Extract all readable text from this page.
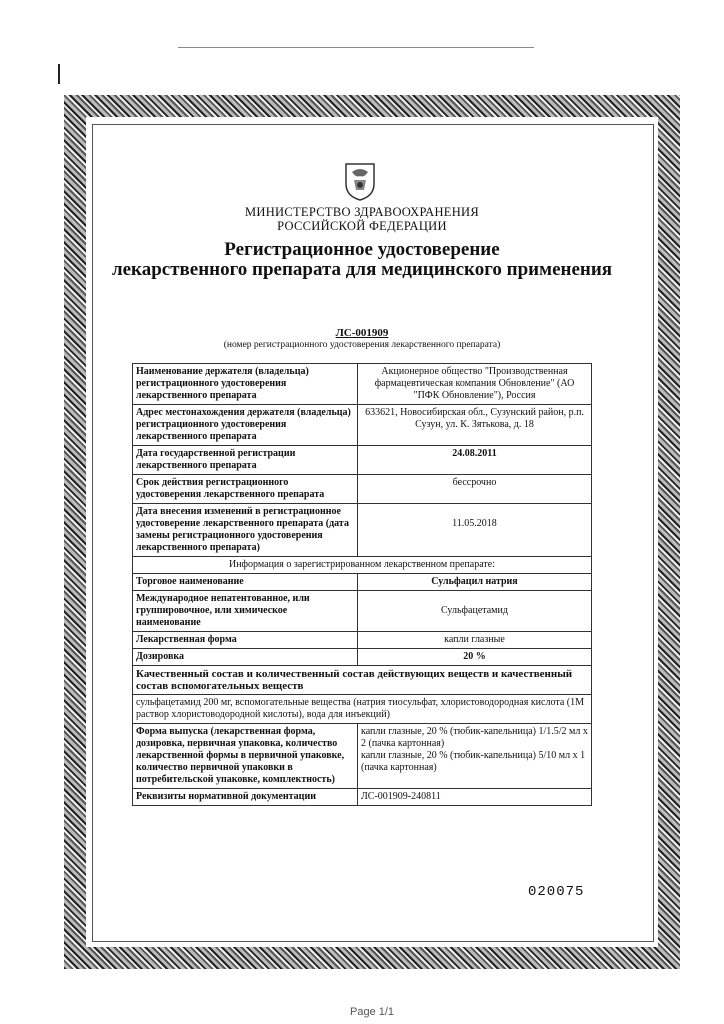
МИНИСТЕРСТВО ЗДРАВООХРАНЕНИЯ
РОССИЙСКОЙ ФЕДЕРАЦИИ
Регистрационное удостоверение
лекарственного препарата для медицинского применения
ЛС-001909
(номер регистрационного удостоверения лекарственного препарата)
Наименование держателя (владельца) регистрационного удостоверения лекарственного препарата	Акционерное общество "Производственная фармацевтическая компания Обновление" (АО "ПФК Обновление"), Россия
Адрес местонахождения держателя (владельца) регистрационного удостоверения лекарственного препарата	633621, Новосибирская обл., Сузунский район, р.п. Сузун, ул. К. Зятькова, д. 18
Дата государственной регистрации лекарственного препарата	24.08.2011
Срок действия регистрационного удостоверения лекарственного препарата	бессрочно
Дата внесения изменений в регистрационное удостоверение лекарственного препарата (дата замены регистрационного удостоверения лекарственного препарата)	11.05.2018
Информация о зарегистрированном лекарственном препарате:	
Торговое наименование	Сульфацил натрия
Международное непатентованное, или группировочное, или химическое наименование	Сульфацетамид
Лекарственная форма	капли глазные
Дозировка	20 %
Качественный состав и количественный состав действующих веществ и качественный состав вспомогательных веществ	
сульфацетамид 200 мг, вспомогательные вещества (натрия тиосульфат, хлористоводородная кислота (1М раствор хлористоводородной кислоты), вода для инъекций)	
Форма выпуска (лекарственная форма, дозировка, первичная упаковка, количество лекарственной формы в первичной упаковке, количество первичной упаковки в потребительской упаковке, комплектность)	капли глазные, 20 % (тюбик-капельница) 1/1.5/2 мл x 2 (пачка картонная)
капли глазные, 20 % (тюбик-капельница) 5/10 мл x 1 (пачка картонная)

Реквизиты нормативной документации	ЛС-001909-240811
020075
Page 1/1
